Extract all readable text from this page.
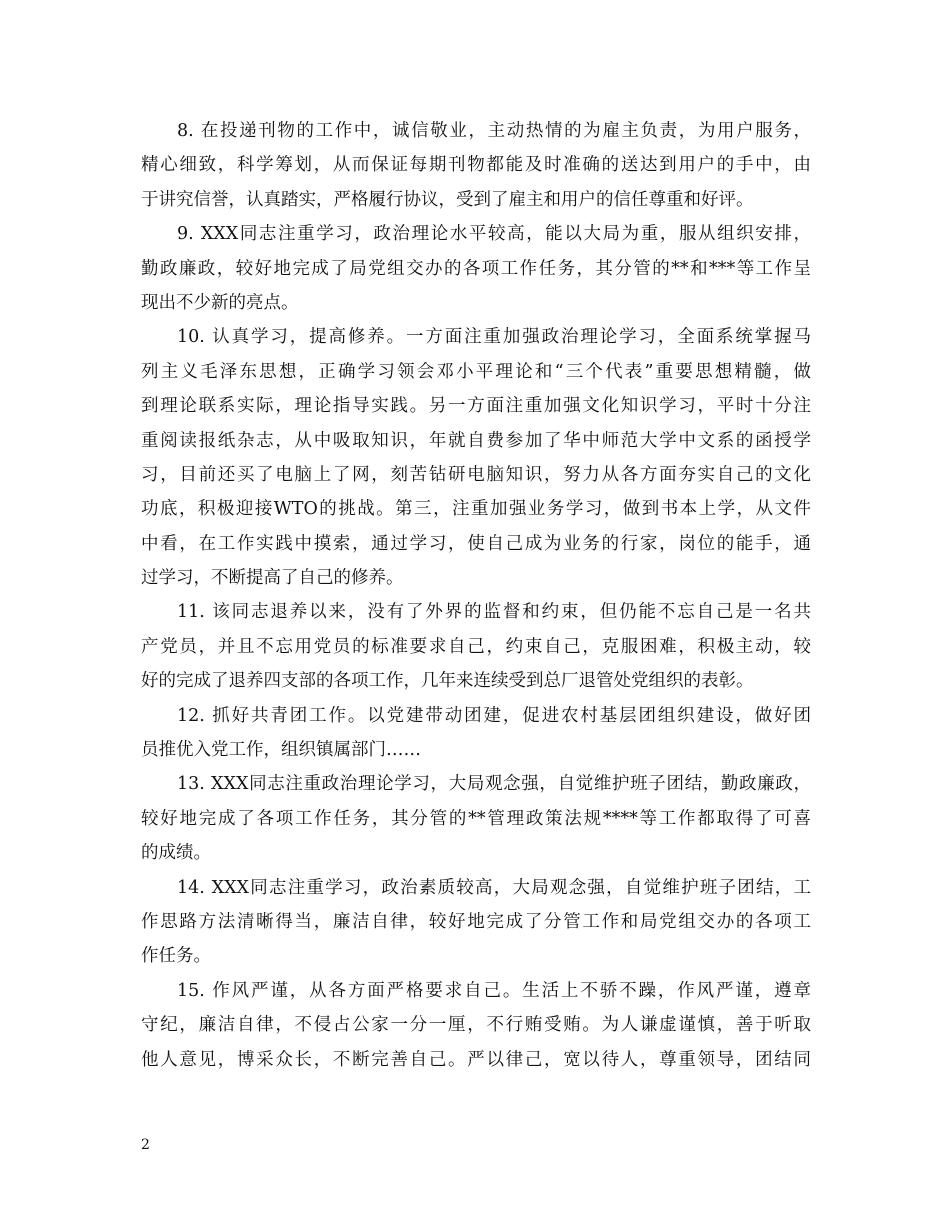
8. 在投递刊物的工作中，诚信敬业，主动热情的为雇主负责，为用户服务，
精心细致，科学筹划，从而保证每期刊物都能及时准确的送达到用户的手中，由
于讲究信誉，认真踏实，严格履行协议，受到了雇主和用户的信任尊重和好评。
9. XXX同志注重学习，政治理论水平较高，能以大局为重，服从组织安排，
勤政廉政，较好地完成了局党组交办的各项工作任务，其分管的**和***等工作呈
现出不少新的亮点。
10. 认真学习，提高修养。一方面注重加强政治理论学习，全面系统掌握马
列主义毛泽东思想，正确学习领会邓小平理论和“三个代表”重要思想精髓，做
到理论联系实际，理论指导实践。另一方面注重加强文化知识学习，平时十分注
重阅读报纸杂志，从中吸取知识，年就自费参加了华中师范大学中文系的函授学
习，目前还买了电脑上了网，刻苦钻研电脑知识，努力从各方面夯实自己的文化
功底，积极迎接WTO的挑战。第三，注重加强业务学习，做到书本上学，从文件
中看，在工作实践中摸索，通过学习，使自己成为业务的行家，岗位的能手，通
过学习，不断提高了自己的修养。
11. 该同志退养以来，没有了外界的监督和约束，但仍能不忘自己是一名共
产党员，并且不忘用党员的标准要求自己，约束自己，克服困难，积极主动，较
好的完成了退养四支部的各项工作，几年来连续受到总厂退管处党组织的表彰。
12. 抓好共青团工作。以党建带动团建，促进农村基层团组织建设，做好团
员推优入党工作，组织镇属部门……
13. XXX同志注重政治理论学习，大局观念强，自觉维护班子团结，勤政廉政，
较好地完成了各项工作任务，其分管的**管理政策法规****等工作都取得了可喜
的成绩。
14. XXX同志注重学习，政治素质较高，大局观念强，自觉维护班子团结，工
作思路方法清晰得当，廉洁自律，较好地完成了分管工作和局党组交办的各项工
作任务。
15. 作风严谨，从各方面严格要求自己。生活上不骄不躁，作风严谨，遵章
守纪，廉洁自律，不侵占公家一分一厘，不行贿受贿。为人谦虚谨慎，善于听取
他人意见，博采众长，不断完善自己。严以律己，宽以待人，尊重领导，团结同
2
